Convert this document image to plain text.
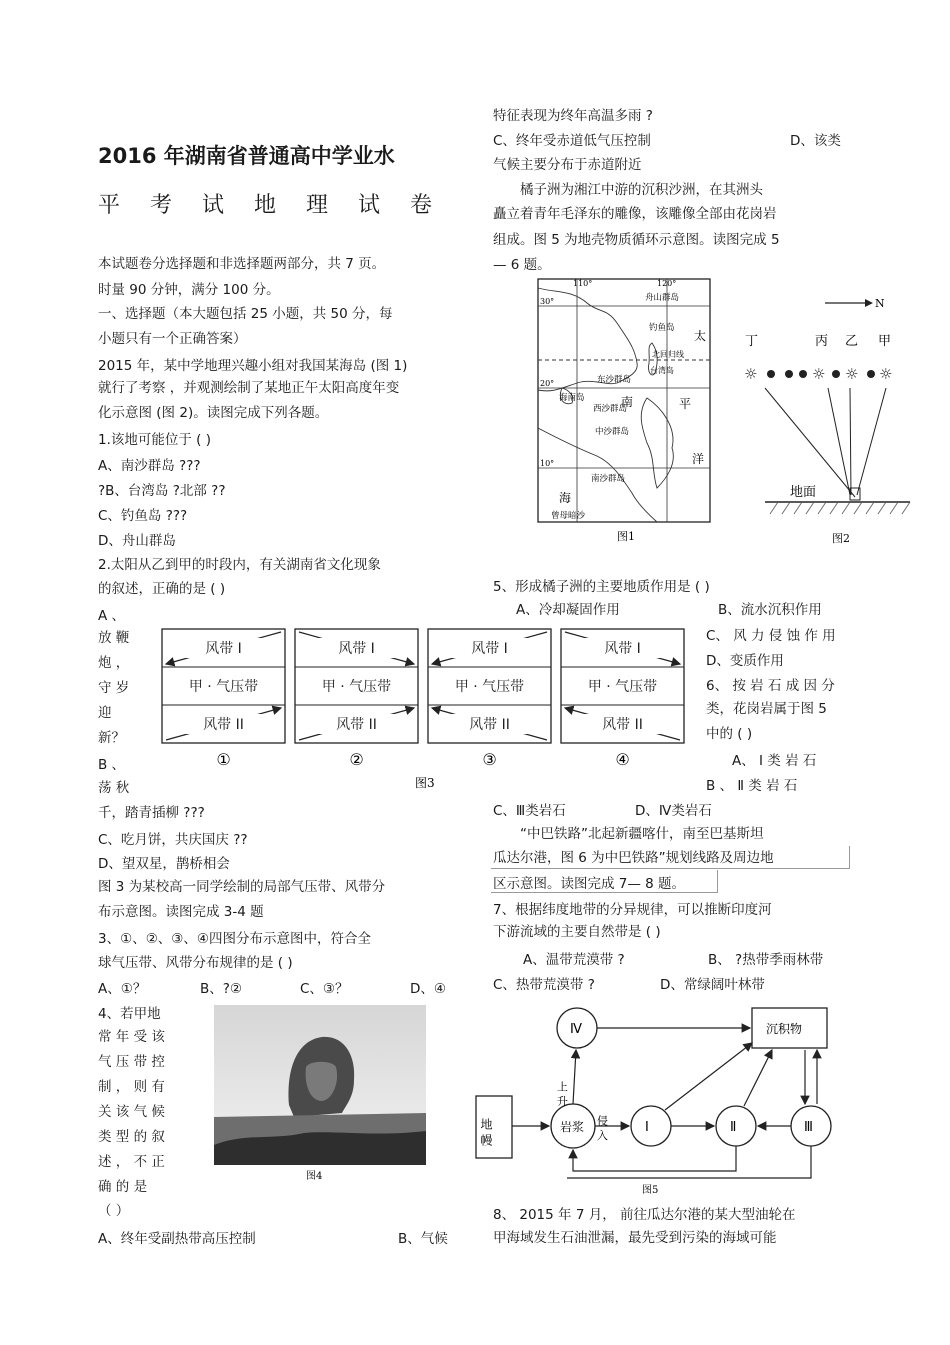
2016 年湖南省普通高中学业水
平 考 试 地 理 试 卷
本试题卷分选择题和非选择题两部分，共 7 页。
时量 90 分钟，满分 100 分。
一、选择题（本大题包括 25 小题，共 50 分，每
小题只有一个正确答案）
2015 年，某中学地理兴趣小组对我国某海岛 (图 1)
就行了考察 ，并观测绘制了某地正午太阳高度年变
化示意图 (图 2)。读图完成下列各题。
1.该地可能位于 ( )
A、南沙群岛 ???
?B、台湾岛 ?北部 ??
C、钓鱼岛 ???
D、舟山群岛
2.太阳从乙到甲的时段内，有关湖南省文化现象
的叙述，正确的是 ( )
A 、
放 鞭
炮 ，
守 岁
迎
新？
B 、
荡 秋
千，踏青插柳 ???
C、吃月饼，共庆国庆 ??
D、望双星，鹊桥相会
图 3 为某校高一同学绘制的局部气压带、风带分
布示意图。读图完成 3-4 题
3、①、②、③、④四图分布示意图中，符合全
球气压带、风带分布规律的是 ( )
A、①？	B、?②	C、③？	D、④
4、若甲地
常 年 受 该
气 压 带 控
制 ， 则 有
关 该 气 候
类 型 的 叙
述 ， 不 正
确 的 是
（ ）
A、终年受副热带高压控制	B、气候
特征表现为终年高温多雨 ?
C、终年受赤道低气压控制	D、该类
气候主要分布于赤道附近
橘子洲为湘江中游的沉积沙洲，在其洲头
矗立着青年毛泽东的雕像，该雕像全部由花岗岩
组成。图 5 为地壳物质循环示意图。读图完成 5
— 6 题。
5、形成橘子洲的主要地质作用是 ( )
A、冷却凝固作用	B、流水沉积作用
C、 风 力 侵 蚀 作 用
D、变质作用
6、 按 岩 石 成 因 分
类，花岗岩属于图 5
中的 ( )
A、 Ⅰ 类 岩 石
B 、 Ⅱ 类 岩 石
C、Ⅲ类岩石	D、Ⅳ类岩石
“中巴铁路”北起新疆喀什，南至巴基斯坦
瓜达尔港，图 6 为中巴铁路”规划线路及周边地
区示意图。读图完成 7— 8 题。
7、根据纬度地带的分异规律，可以推断印度河
下游流域的主要自然带是 ( )
A、温带荒漠带 ?	B、 ?热带季雨林带
C、热带荒漠带 ?	D、常绿阔叶林带
8、 2015 年 7 月， 前往瓜达尔港的某大型油轮在
甲海域发生石油泄漏，最先受到污染的海域可能
110°	120°
30°
20°
10°
舟山群岛
钓鱼岛
太
北回归线
台湾岛
东沙群岛
海南岛
西沙群岛
中沙群岛
南	平
洋
南沙群岛
海
曾母暗沙
图1
N
丁	丙 乙 甲
☼	☼ ☼ ☼
地面
图2
风带 I
甲 · 气压带
风带 II
①
风带 I
甲 · 气压带
风带 II
②
风带 I
甲 · 气压带
风带 II
③
风带 I
甲 · 气压带
风带 II
④
图3
图4
地 幔	岩浆
Ⅳ
Ⅰ	Ⅱ	Ⅲ
沉积物
上 升
侵 入
图5
